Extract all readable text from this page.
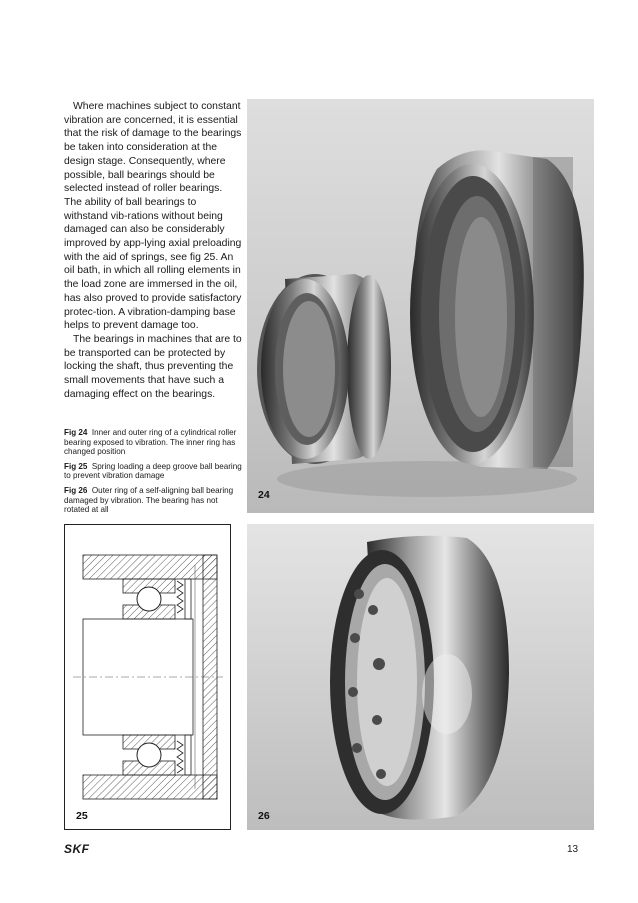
Where machines subject to constant vibration are concerned, it is essential that the risk of damage to the bearings be taken into consideration at the design stage. Consequently, where possible, ball bearings should be selected instead of roller bearings. The ability of ball bearings to withstand vib-rations without being damaged can also be considerably improved by app-lying axial preloading with the aid of springs, see fig 25. An oil bath, in which all rolling elements in the load zone are immersed in the oil, has also proved to provide satisfactory protec-tion. A vibration-damping base helps to prevent damage too.

The bearings in machines that are to be transported can be protected by locking the shaft, thus preventing the small movements that have such a damaging effect on the bearings.

Fig 24 Inner and outer ring of a cylindrical roller bearing exposed to vibration. The inner ring has changed position

Fig 25 Spring loading a deep groove ball bearing to prevent vibration damage

Fig 26 Outer ring of a self-aligning ball bearing damaged by vibration. The bearing has not rotated at all

24
25	26
SKF	13
